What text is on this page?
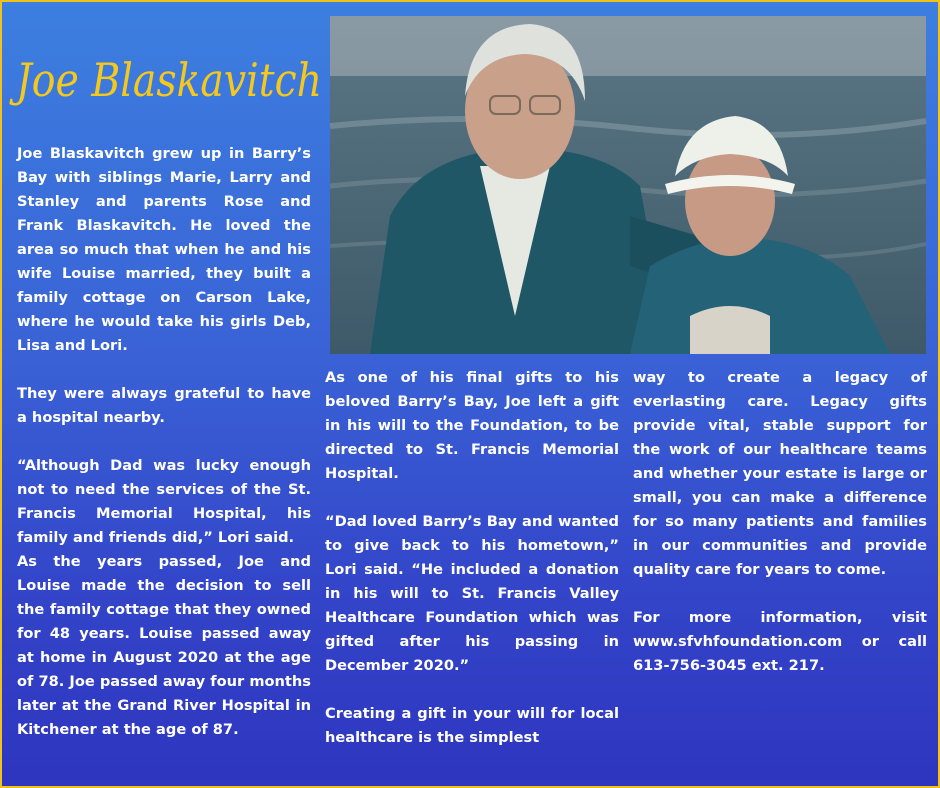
Joe Blaskavitch

Joe Blaskavitch grew up in Barry’s Bay with siblings Marie, Larry and Stanley and parents Rose and Frank Blaskavitch. He loved the area so much that when he and his wife Louise married, they built a family cottage on Carson Lake, where he would take his girls Deb, Lisa and Lori.

They were always grateful to have a hospital nearby.

“Although Dad was lucky enough not to need the services of the St. Francis Memorial Hospital, his family and friends did,” Lori said.

As the years passed, Joe and Louise made the decision to sell the family cottage that they owned for 48 years. Louise passed away at home in August 2020 at the age of 78. Joe passed away four months later at the Grand River Hospital in Kitchener at the age of 87.

As one of his final gifts to his beloved Barry’s Bay, Joe left a gift in his will to the Foundation, to be directed to St. Francis Memorial Hospital.

“Dad loved Barry’s Bay and wanted to give back to his hometown,” Lori said. “He included a donation in his will to St. Francis Valley Healthcare Foundation which was gifted after his passing in December 2020.”

Creating a gift in your will for local healthcare is the simplest

way to create a legacy of everlasting care. Legacy gifts provide vital, stable support for the work of our healthcare teams and whether your estate is large or small, you can make a difference for so many patients and families in our communities and provide quality care for years to come.

For more information, visit www.sfvhfoundation.com or call 613-756-3045 ext. 217.
